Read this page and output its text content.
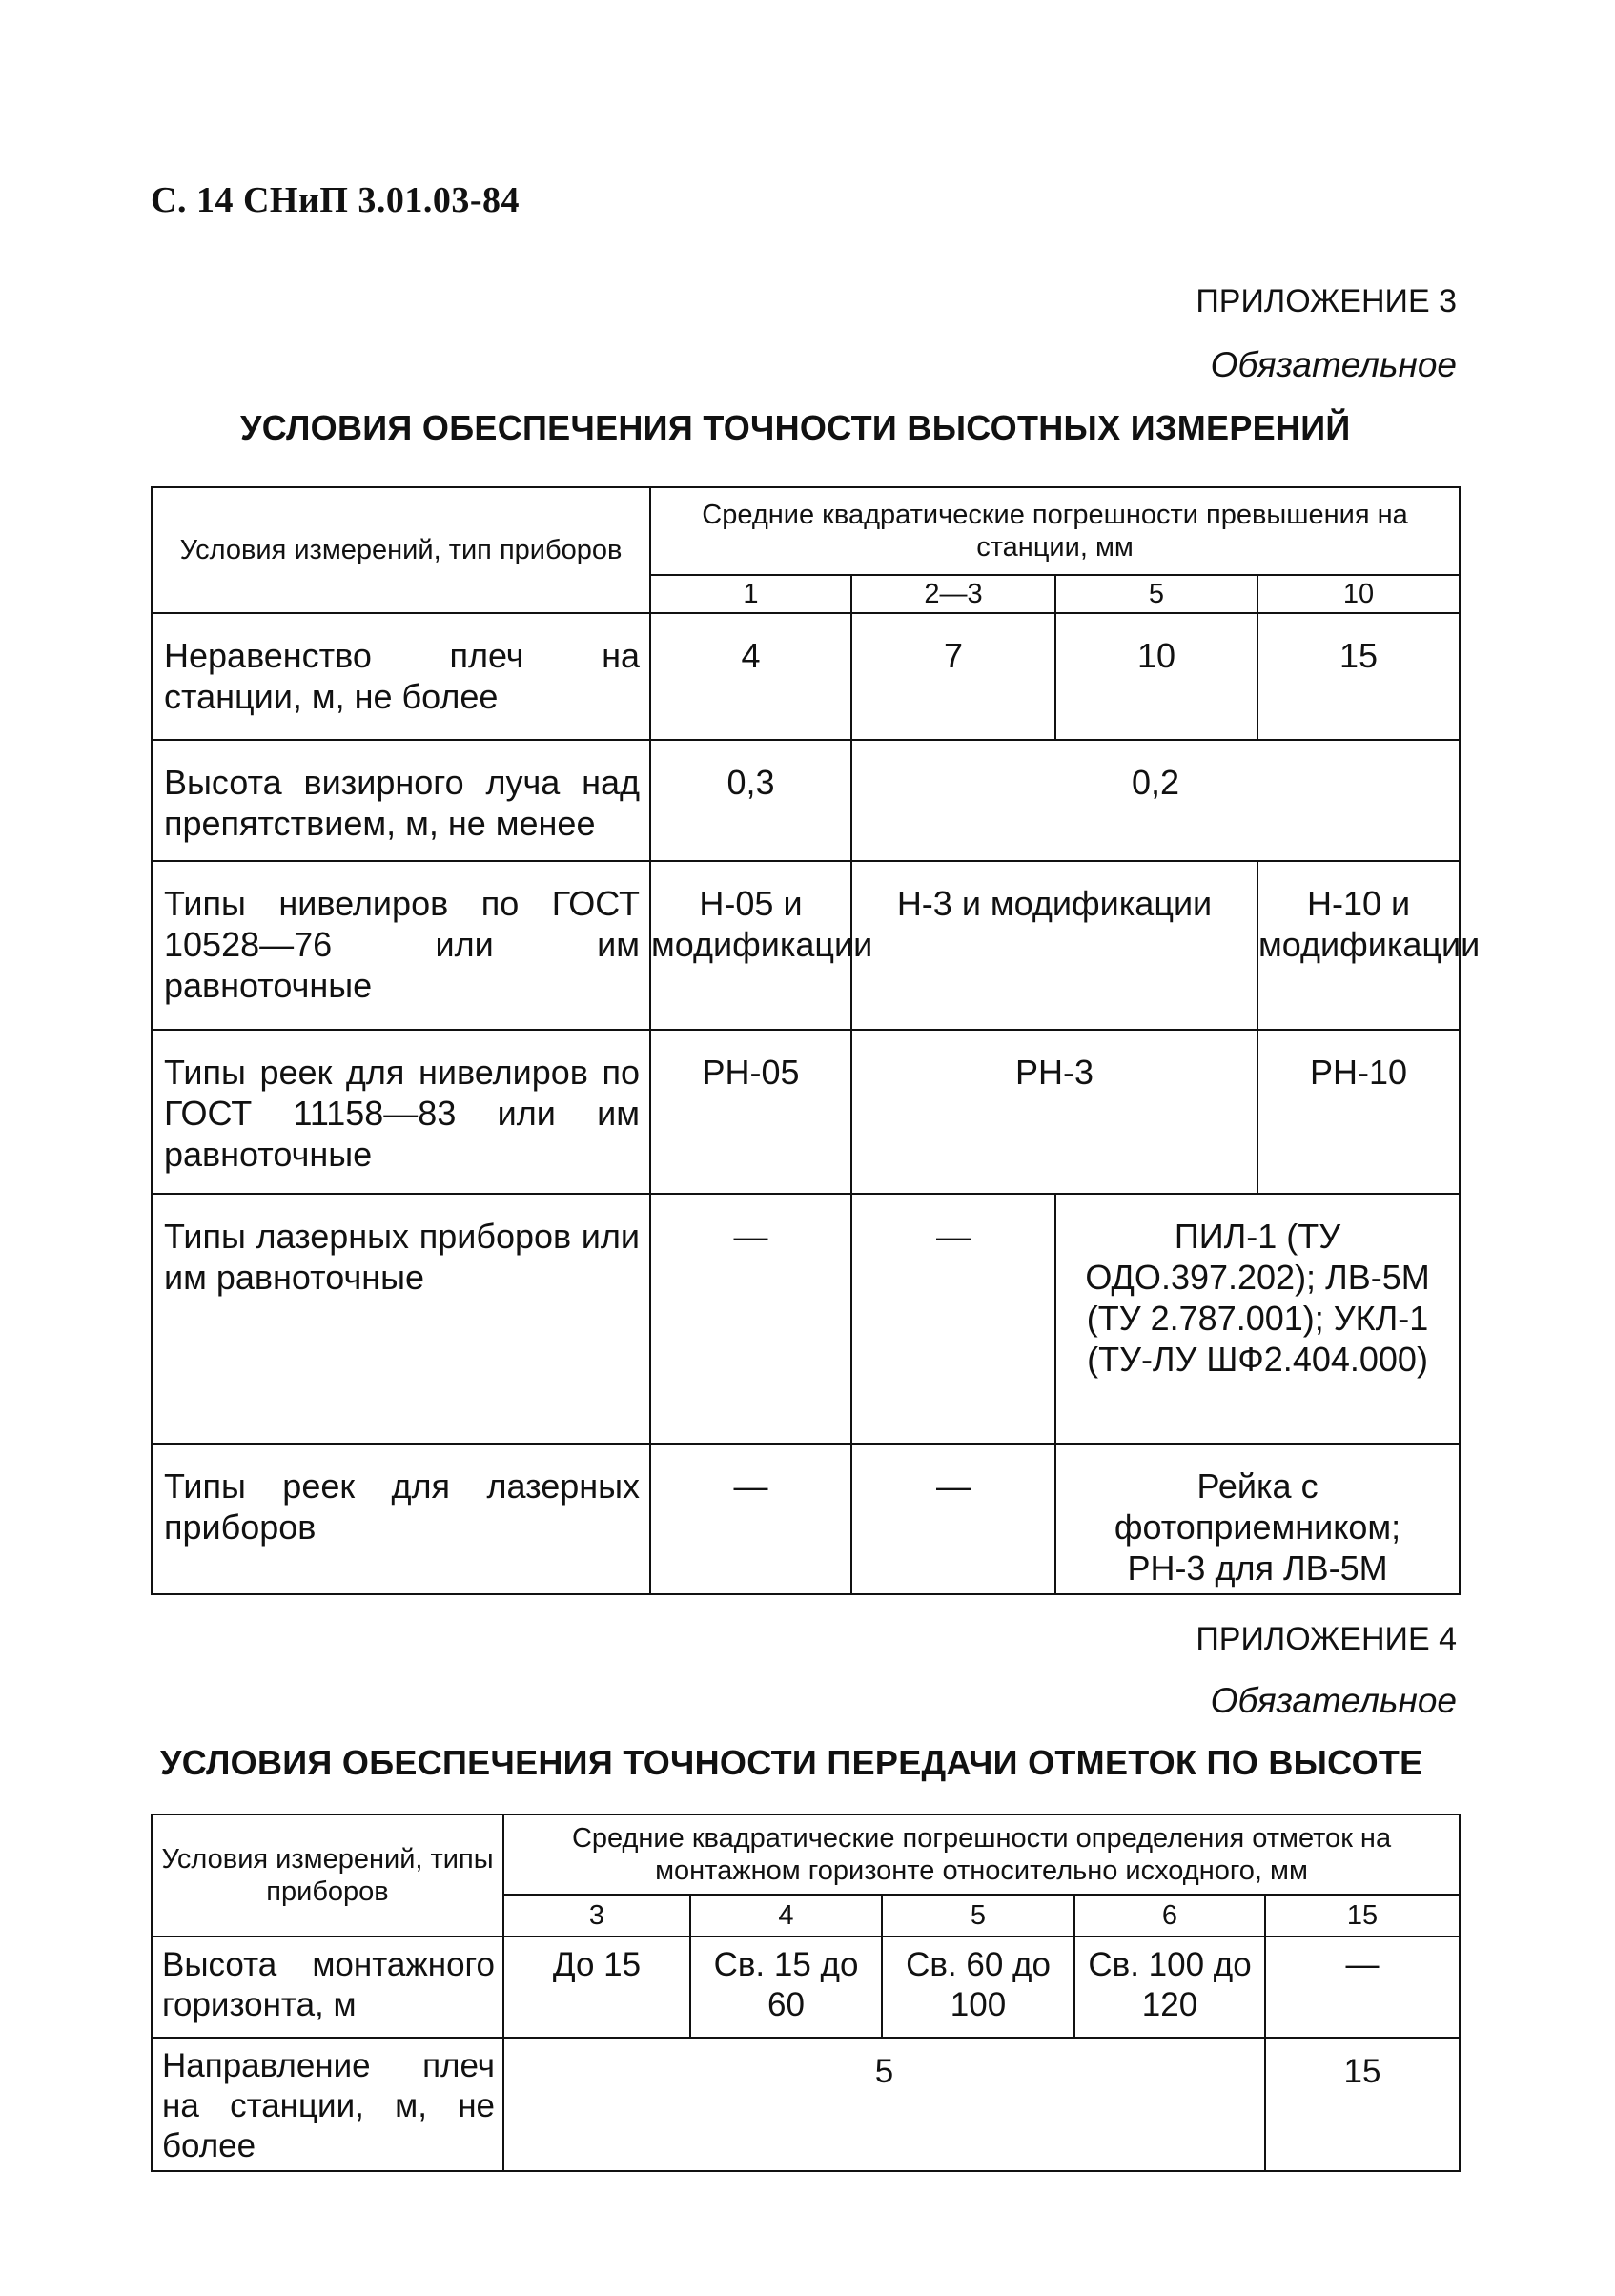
С. 14 СНиП 3.01.03-84
ПРИЛОЖЕНИЕ 3
Обязательное
УСЛОВИЯ ОБЕСПЕЧЕНИЯ ТОЧНОСТИ ВЫСОТНЫХ ИЗМЕРЕНИЙ
Условия измерений, тип приборов	Средние квадратические погрешности превышения на станции, мм			
	1	2—3	5	10
Неравенство плеч на станции, м, не более	4	7	10	15
Высота визирного луча над препятствием, м, не менее	0,3	0,2		
Типы нивелиров по ГОСТ 10528—76 или им равноточные	Н-05 и модификации	Н-3 и модификации		Н-10 и модификации
Типы реек для нивелиров по ГОСТ 11158—83 или им равноточные	РН-05	РН-3		РН-10
Типы лазерных приборов или им равноточные	—	—	ПИЛ-1 (ТУ ОДО.397.202); ЛВ-5М (ТУ 2.787.001); УКЛ-1 (ТУ-ЛУ ШФ2.404.000)	
Типы реек для лазерных приборов	—	—	Рейка с фотоприемником; РН-3 для ЛВ-5М	
ПРИЛОЖЕНИЕ 4
Обязательное
УСЛОВИЯ ОБЕСПЕЧЕНИЯ ТОЧНОСТИ ПЕРЕДАЧИ ОТМЕТОК ПО ВЫСОТЕ
Условия измерений, типы приборов	Средние квадратические погрешности определения отметок на монтажном горизонте относительно исходного, мм				
	3	4	5	6	15
Высота монтажного горизонта, м	До 15	Св. 15 до 60	Св. 60 до 100	Св. 100 до 120	—
Направление плеч на станции, м, не более	5				15
